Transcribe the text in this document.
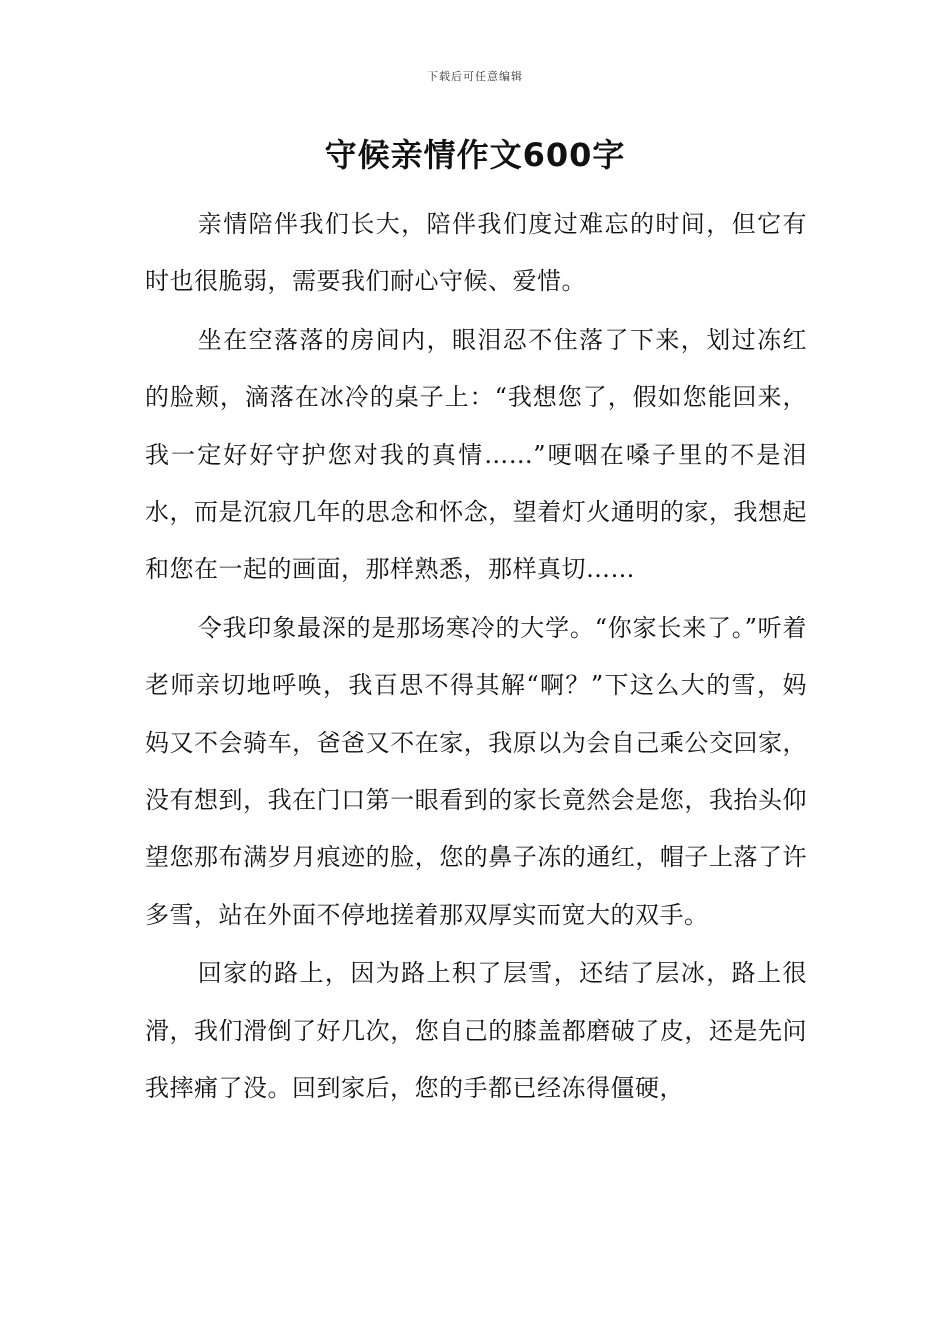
下载后可任意编辑
守候亲情作文600字

亲情陪伴我们长大，陪伴我们度过难忘的时间，但它有时也很脆弱，需要我们耐心守候、爱惜。

坐在空落落的房间内，眼泪忍不住落了下来，划过冻红的脸颊，滴落在冰冷的桌子上：“我想您了，假如您能回来，我一定好好守护您对我的真情……”哽咽在嗓子里的不是泪水，而是沉寂几年的思念和怀念，望着灯火通明的家，我想起和您在一起的画面，那样熟悉，那样真切……

令我印象最深的是那场寒冷的大学。“你家长来了。”听着老师亲切地呼唤，我百思不得其解“啊？”下这么大的雪，妈妈又不会骑车，爸爸又不在家，我原以为会自己乘公交回家，没有想到，我在门口第一眼看到的家长竟然会是您，我抬头仰望您那布满岁月痕迹的脸，您的鼻子冻的通红，帽子上落了许多雪，站在外面不停地搓着那双厚实而宽大的双手。

回家的路上，因为路上积了层雪，还结了层冰，路上很滑，我们滑倒了好几次，您自己的膝盖都磨破了皮，还是先问我摔痛了没。回到家后，您的手都已经冻得僵硬，
